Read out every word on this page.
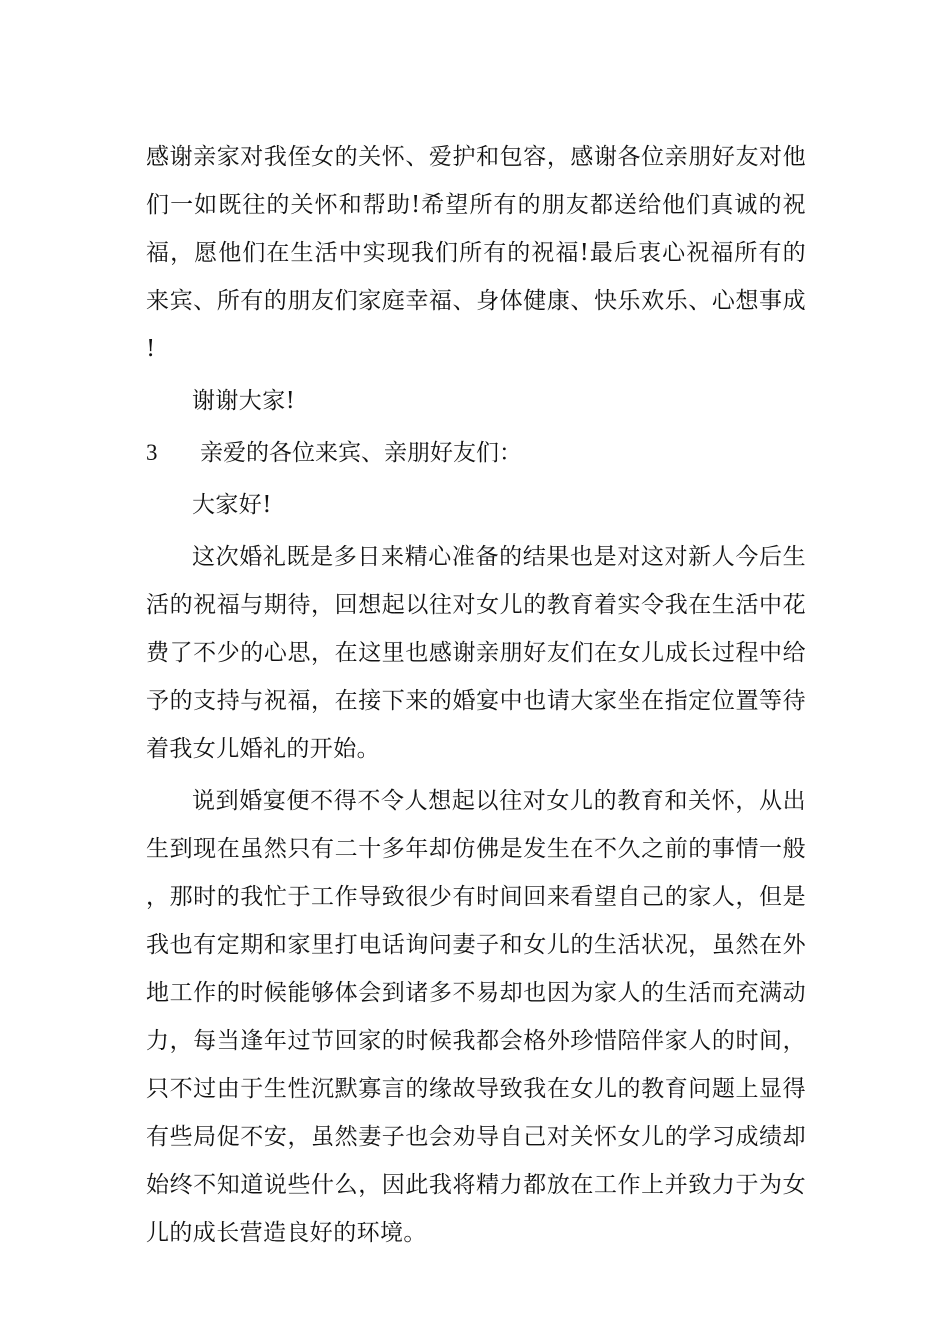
感谢亲家对我侄女的关怀、爱护和包容，感谢各位亲朋好友对他们一如既往的关怀和帮助!希望所有的朋友都送给他们真诚的祝福，愿他们在生活中实现我们所有的祝福!最后衷心祝福所有的来宾、所有的朋友们家庭幸福、身体健康、快乐欢乐、心想事成!

谢谢大家!

3	亲爱的各位来宾、亲朋好友们：

大家好!

这次婚礼既是多日来精心准备的结果也是对这对新人今后生活的祝福与期待，回想起以往对女儿的教育着实令我在生活中花费了不少的心思，在这里也感谢亲朋好友们在女儿成长过程中给予的支持与祝福，在接下来的婚宴中也请大家坐在指定位置等待着我女儿婚礼的开始。

说到婚宴便不得不令人想起以往对女儿的教育和关怀，从出生到现在虽然只有二十多年却仿佛是发生在不久之前的事情一般，那时的我忙于工作导致很少有时间回来看望自己的家人，但是我也有定期和家里打电话询问妻子和女儿的生活状况，虽然在外地工作的时候能够体会到诸多不易却也因为家人的生活而充满动力，每当逢年过节回家的时候我都会格外珍惜陪伴家人的时间，只不过由于生性沉默寡言的缘故导致我在女儿的教育问题上显得有些局促不安，虽然妻子也会劝导自己对关怀女儿的学习成绩却始终不知道说些什么，因此我将精力都放在工作上并致力于为女儿的成长营造良好的环境。
